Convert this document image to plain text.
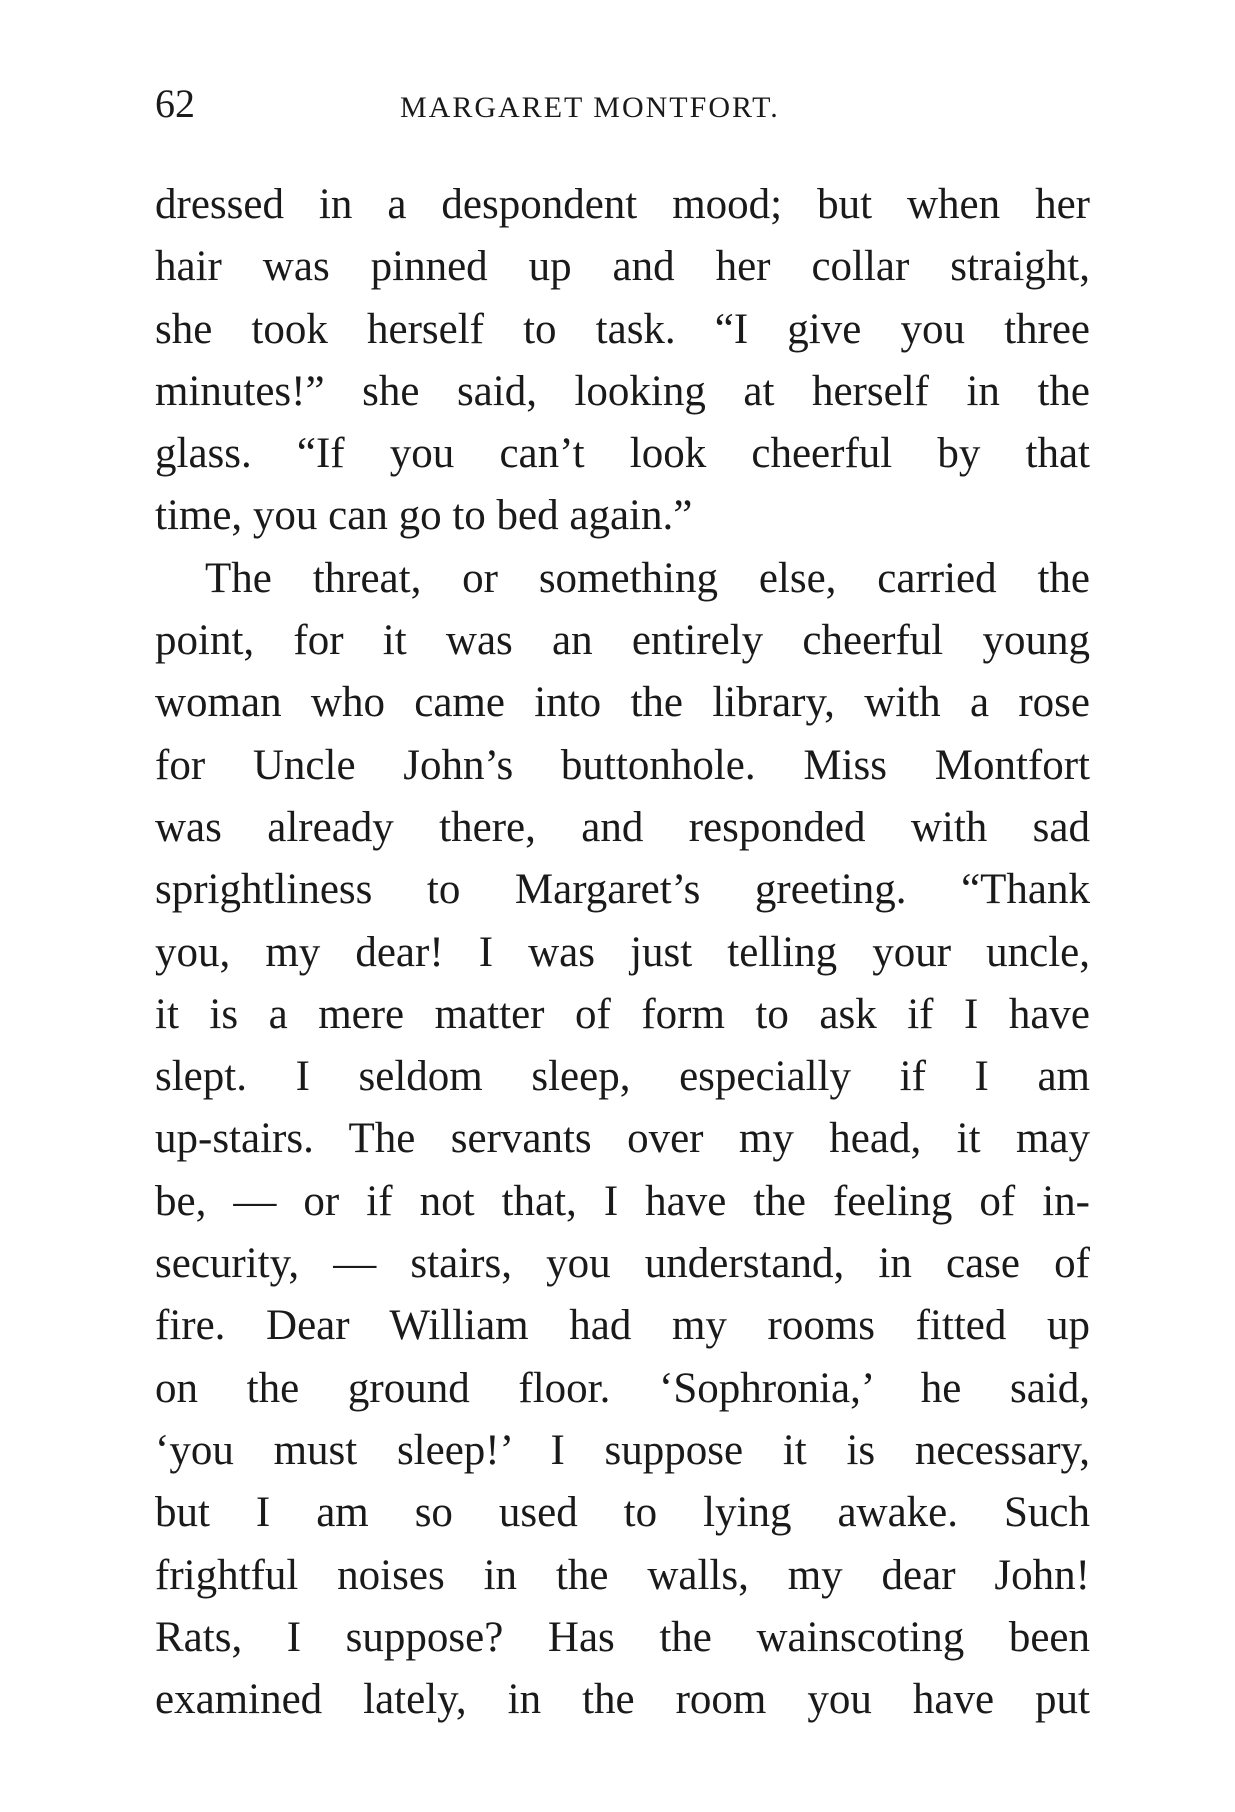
62	MARGARET MONTFORT.
dressed in a despondent mood; but when her
hair was pinned up and her collar straight,
she took herself to task. “I give you three
minutes!” she said, looking at herself in the
glass. “If you can’t look cheerful by that
time, you can go to bed again.”
The threat, or something else, carried the
point, for it was an entirely cheerful young
woman who came into the library, with a rose
for Uncle John’s buttonhole. Miss Montfort
was already there, and responded with sad
sprightliness to Margaret’s greeting. “Thank
you, my dear! I was just telling your uncle,
it is a mere matter of form to ask if I have
slept. I seldom sleep, especially if I am
up-stairs. The servants over my head, it may
be, — or if not that, I have the feeling of in-
security, — stairs, you understand, in case of
fire. Dear William had my rooms fitted up
on the ground floor. ‘Sophronia,’ he said,
‘you must sleep!’ I suppose it is necessary,
but I am so used to lying awake. Such
frightful noises in the walls, my dear John!
Rats, I suppose? Has the wainscoting been
examined lately, in the room you have put
